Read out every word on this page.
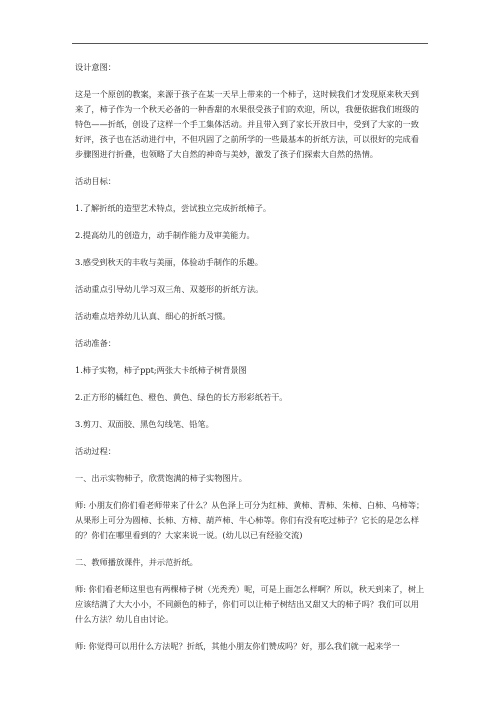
设计意图：

这是一个原创的教案，来源于孩子在某一天早上带来的一个柿子，这时候我们才发现原来秋天到来了，柿子作为一个秋天必备的一种香甜的水果很受孩子们的欢迎，所以，我便依据我们班级的特色——折纸，创设了这样一个手工集体活动。并且带入到了家长开放日中，受到了大家的一致好评，孩子也在活动进行中，不但巩固了之前所学的一些最基本的折纸方法，可以很好的完成看步骤图进行折叠，也领略了大自然的神奇与美妙，激发了孩子们探索大自然的热情。

活动目标：

1.了解折纸的造型艺术特点，尝试独立完成折纸柿子。

2.提高幼儿的创造力，动手制作能力及审美能力。

3.感受到秋天的丰收与美丽，体验动手制作的乐趣。

活动重点引导幼儿学习双三角、双菱形的折纸方法。

活动难点培养幼儿认真、细心的折纸习惯。

活动准备：

1.柿子实物，柿子ppt;两张大卡纸柿子树背景图

2.正方形的橘红色、橙色、黄色、绿色的长方形彩纸若干。

3.剪刀、双面胶、黑色勾线笔、铅笔。

活动过程：

一、出示实物柿子，欣赏饱满的柿子实物图片。

师: 小朋友们你们看老师带来了什么？从色泽上可分为红柿、黄柿、青柿、朱柿、白柿、乌柿等； 从果形上可分为圆柿、长柿、方柿、葫芦柿、牛心柿等。你们有没有吃过柿子？它长的是怎么样的？你们在哪里看到的？大家来说一说。(幼儿以已有经验交流)

二、教师播放课件，并示范折纸。

师: 你们看老师这里也有两棵柿子树（光秃秃）呢，可是上面怎么样啊？所以，秋天到来了，树上应该结满了大大小小，不同颜色的柿子，你们可以让柿子树结出又甜又大的柿子吗？我们可以用什么方法？幼儿自由讨论。

师: 你觉得可以用什么方法呢？折纸，其他小朋友你们赞成吗？好，那么我们就一起来学一
